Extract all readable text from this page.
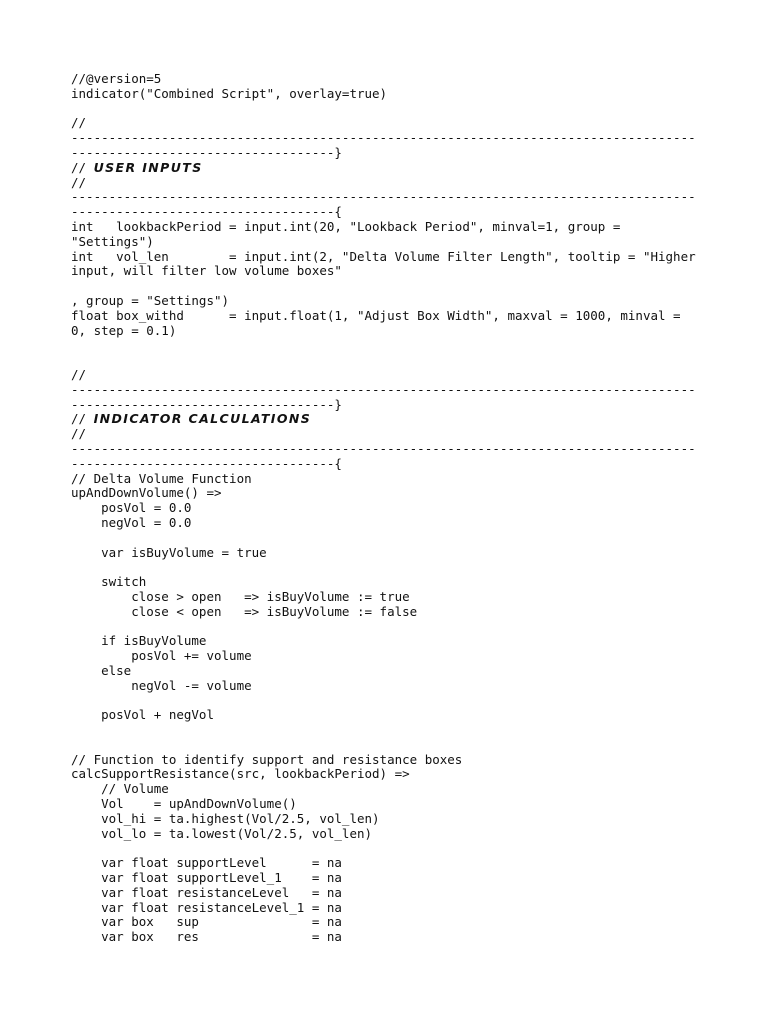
//@version=5
indicator("Combined Script", overlay=true)
//
-----------------------------------------------------------------------------------
-----------------------------------}
// USER INPUTS
//
-----------------------------------------------------------------------------------
-----------------------------------{
int   lookbackPeriod = input.int(20, "Lookback Period", minval=1, group =
"Settings")
int   vol_len        = input.int(2, "Delta Volume Filter Length", tooltip = "Higher
input, will filter low volume boxes"
, group = "Settings")
float box_withd      = input.float(1, "Adjust Box Width", maxval = 1000, minval =
0, step = 0.1)
//
-----------------------------------------------------------------------------------
-----------------------------------}
// INDICATOR CALCULATIONS
//
-----------------------------------------------------------------------------------
-----------------------------------{
// Delta Volume Function
upAndDownVolume() =>
posVol = 0.0
negVol = 0.0
var isBuyVolume = true
switch
close > open   => isBuyVolume := true
close < open   => isBuyVolume := false
if isBuyVolume
posVol += volume
else
negVol -= volume
posVol + negVol
// Function to identify support and resistance boxes
calcSupportResistance(src, lookbackPeriod) =>
// Volume
Vol    = upAndDownVolume()
vol_hi = ta.highest(Vol/2.5, vol_len)
vol_lo = ta.lowest(Vol/2.5, vol_len)
var float supportLevel      = na
var float supportLevel_1    = na
var float resistanceLevel   = na
var float resistanceLevel_1 = na
var box   sup               = na
var box   res               = na
